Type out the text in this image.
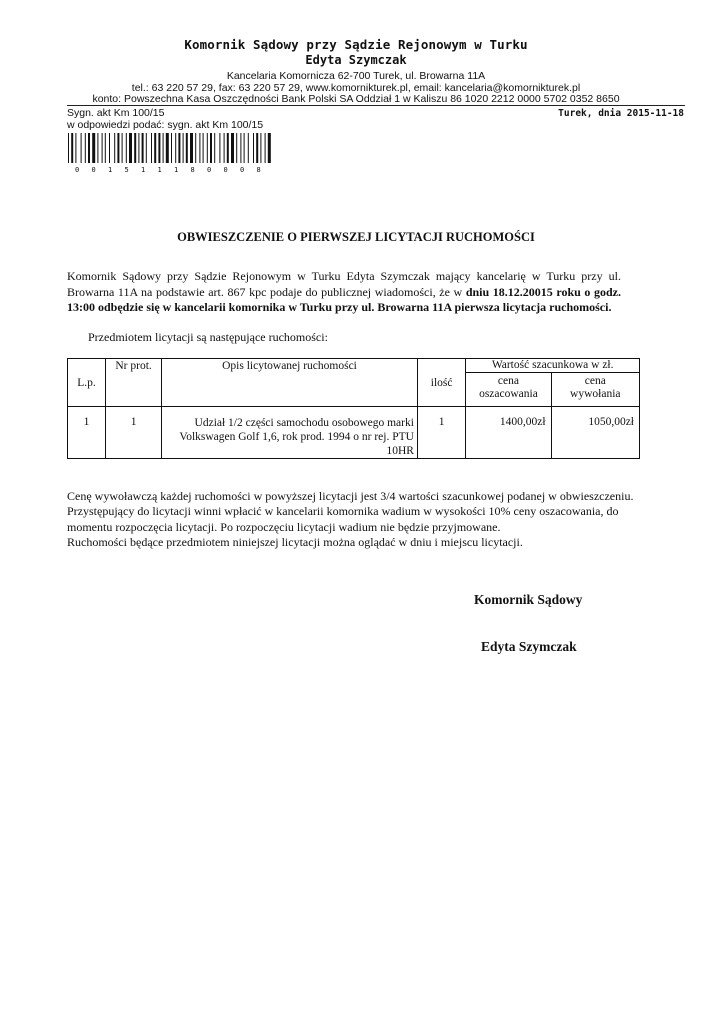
Komornik Sądowy przy Sądzie Rejonowym w Turku
Edyta Szymczak
Kancelaria Komornicza 62-700 Turek, ul. Browarna 11A
tel.: 63 220 57 29, fax: 63 220 57 29, www.komornikturek.pl, email: kancelaria@komornikturek.pl
konto: Powszechna Kasa Oszczędności Bank Polski SA Oddział 1 w Kaliszu 86 1020 2212 0000 5702 0352 8650
Sygn. akt Km 100/15
w odpowiedzi podać: sygn. akt Km 100/15
Turek, dnia 2015-11-18
0 0 1 5 1 1 1 8 0 0 0 8
OBWIESZCZENIE O PIERWSZEJ LICYTACJI RUCHOMOŚCI
Komornik Sądowy przy Sądzie Rejonowym w Turku Edyta Szymczak mający kancelarię w Turku przy ul. Browarna 11A na podstawie art. 867 kpc podaje do publicznej wiadomości, że w dniu 18.12.20015 roku o godz. 13:00 odbędzie się w kancelarii komornika w Turku przy ul. Browarna 11A pierwsza licytacja ruchomości.
Przedmiotem licytacji są następujące ruchomości:
L.p.	Nr prot.	Opis licytowanej ruchomości	ilość	Wartość szacunkowa w zł.	
				cena oszacowania	cena wywołania
1	1	Udział 1/2 części samochodu osobowego marki Volkswagen Golf 1,6, rok prod. 1994 o nr rej. PTU 10HR	1	1400,00zł	1050,00zł
Cenę wywoławczą każdej ruchomości w powyższej licytacji jest 3/4 wartości szacunkowej podanej w obwieszczeniu.
Przystępujący do licytacji winni wpłacić w kancelarii komornika wadium w wysokości 10% ceny oszacowania, do momentu rozpoczęcia licytacji. Po rozpoczęciu licytacji wadium nie będzie przyjmowane.
Ruchomości będące przedmiotem niniejszej licytacji można oglądać w dniu i miejscu licytacji.
Komornik Sądowy
Edyta Szymczak
